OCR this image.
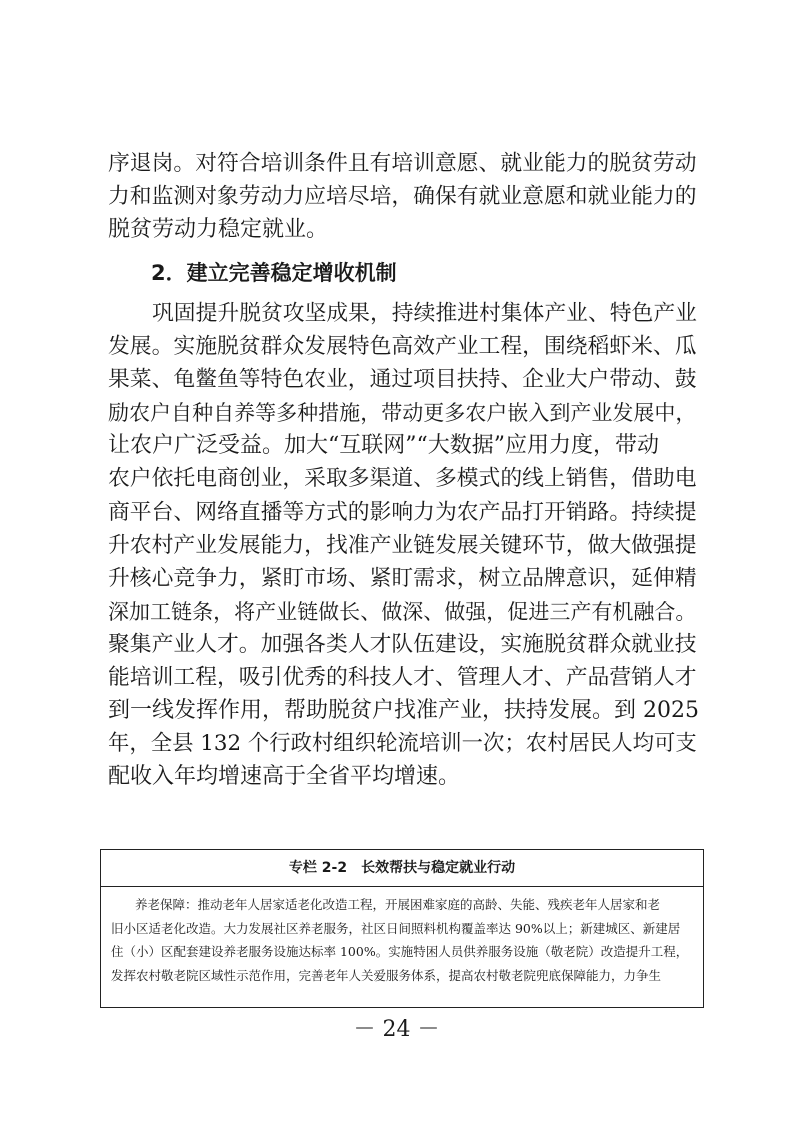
序退岗。对符合培训条件且有培训意愿、就业能力的脱贫劳动
力和监测对象劳动力应培尽培，确保有就业意愿和就业能力的
脱贫劳动力稳定就业。
2．建立完善稳定增收机制
巩固提升脱贫攻坚成果，持续推进村集体产业、特色产业
发展。实施脱贫群众发展特色高效产业工程，围绕稻虾米、瓜
果菜、龟鳖鱼等特色农业，通过项目扶持、企业大户带动、鼓
励农户自种自养等多种措施，带动更多农户嵌入到产业发展中，
让农户广泛受益。加大“互联网”“大数据”应用力度，带动
农户依托电商创业，采取多渠道、多模式的线上销售，借助电
商平台、网络直播等方式的影响力为农产品打开销路。持续提
升农村产业发展能力，找准产业链发展关键环节，做大做强提
升核心竞争力，紧盯市场、紧盯需求，树立品牌意识，延伸精
深加工链条，将产业链做长、做深、做强，促进三产有机融合。
聚集产业人才。加强各类人才队伍建设，实施脱贫群众就业技
能培训工程，吸引优秀的科技人才、管理人才、产品营销人才
到一线发挥作用，帮助脱贫户找准产业，扶持发展。到 2025
年，全县 132 个行政村组织轮流培训一次；农村居民人均可支
配收入年均增速高于全省平均增速。
专栏 2-2　长效帮扶与稳定就业行动
养老保障：推动老年人居家适老化改造工程，开展困难家庭的高龄、失能、残疾老年人居家和老
旧小区适老化改造。大力发展社区养老服务，社区日间照料机构覆盖率达 90%以上；新建城区、新建居
住（小）区配套建设养老服务设施达标率 100%。实施特困人员供养服务设施（敬老院）改造提升工程，
发挥农村敬老院区域性示范作用，完善老年人关爱服务体系，提高农村敬老院兜底保障能力，力争生
－ 24 －
